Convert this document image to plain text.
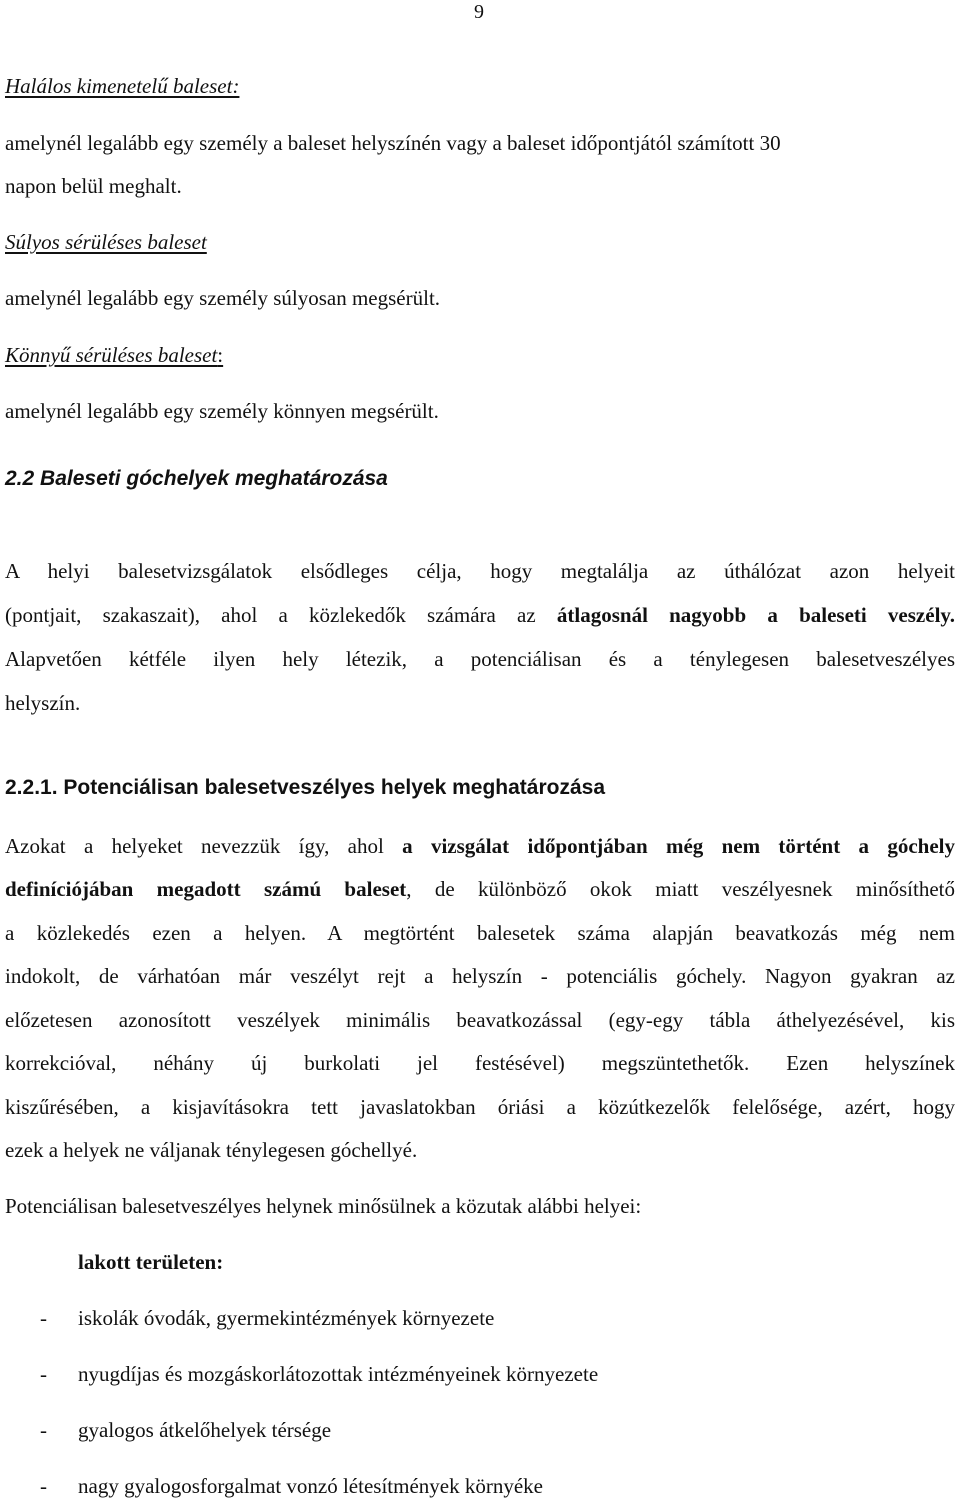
9
Halálos kimenetelű baleset:
amelynél legalább egy személy a baleset helyszínén vagy a baleset időpontjától számított 30
napon belül meghalt.
Súlyos sérüléses baleset
amelynél legalább egy személy súlyosan megsérült.
Könnyű sérüléses baleset:
amelynél legalább egy személy könnyen megsérült.
2.2 Baleseti góchelyek meghatározása
A helyi balesetvizsgálatok elsődleges célja, hogy megtalálja az úthálózat azon helyeit
(pontjait, szakaszait), ahol a közlekedők számára az átlagosnál nagyobb a baleseti veszély.
Alapvetően kétféle ilyen hely létezik, a potenciálisan és a ténylegesen balesetveszélyes
helyszín.
2.2.1. Potenciálisan balesetveszélyes helyek meghatározása
Azokat a helyeket nevezzük így, ahol a vizsgálat időpontjában még nem történt a góchely
definíciójában megadott számú baleset, de különböző okok miatt veszélyesnek minősíthető
a közlekedés ezen a helyen. A megtörtént balesetek száma alapján beavatkozás még nem
indokolt, de várhatóan már veszélyt rejt a helyszín - potenciális góchely. Nagyon gyakran az
előzetesen azonosított veszélyek minimális beavatkozással (egy-egy tábla áthelyezésével, kis
korrekcióval, néhány új burkolati jel festésével) megszüntethetők. Ezen helyszínek
kiszűrésében, a kisjavításokra tett javaslatokban óriási a közútkezelők felelősége, azért, hogy
ezek a helyek ne váljanak ténylegesen góchellyé.
Potenciálisan balesetveszélyes helynek minősülnek a közutak alábbi helyei:
lakott területen:
- iskolák óvodák, gyermekintézmények környezete
- nyugdíjas és mozgáskorlátozottak intézményeinek környezete
- gyalogos átkelőhelyek térsége
- nagy gyalogosforgalmat vonzó létesítmények környéke
